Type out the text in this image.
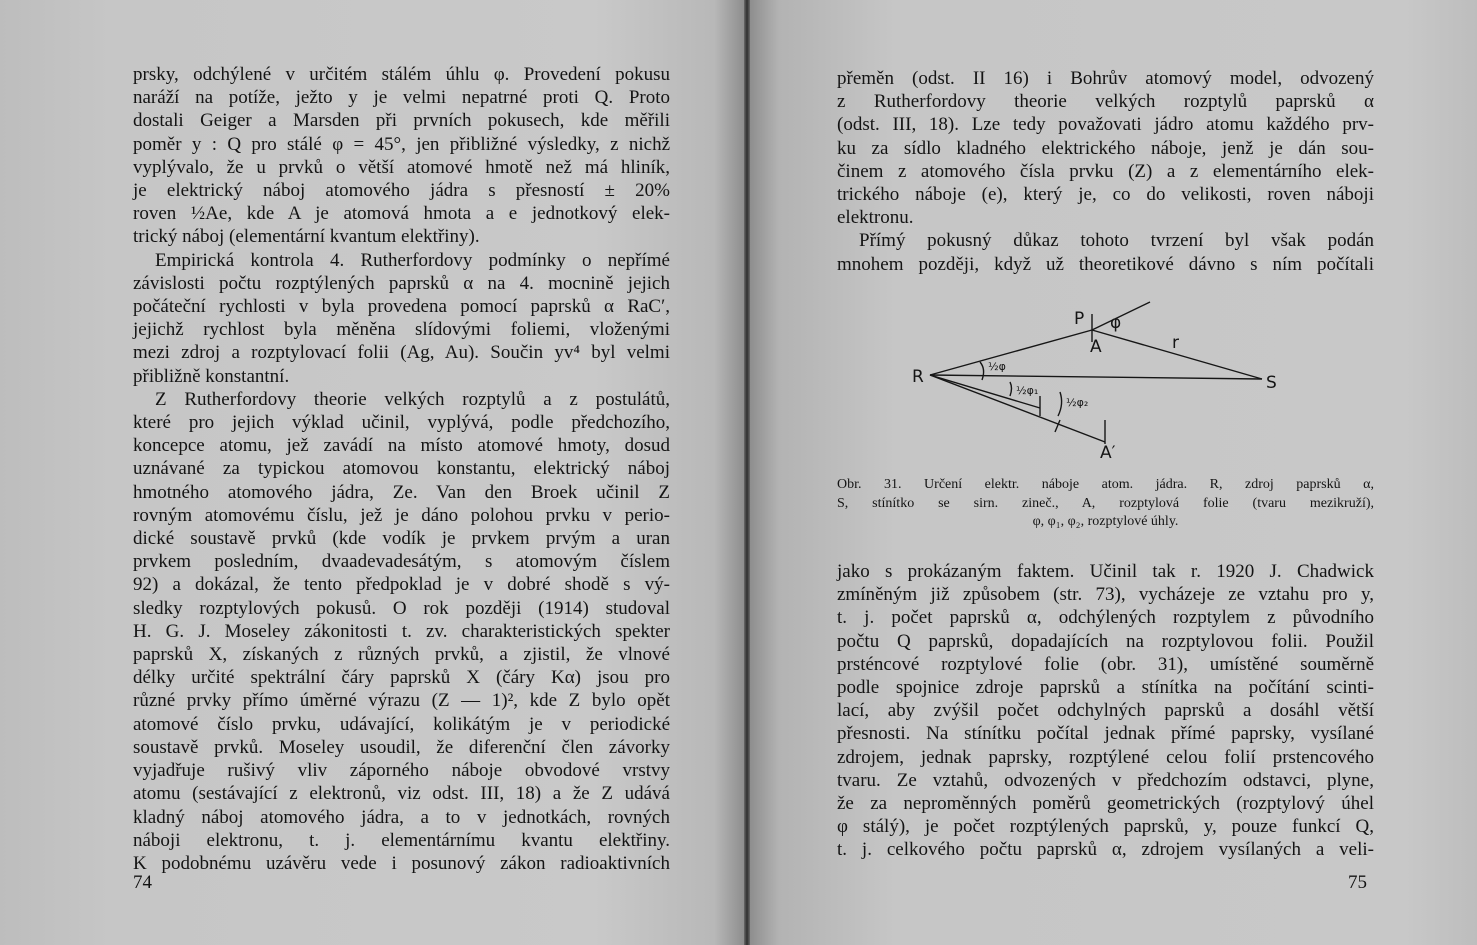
prsky, odchýlené v určitém stálém úhlu φ. Provedení pokusu

naráží na potíže, ježto y je velmi nepatrné proti Q. Proto

dostali Geiger a Marsden při prvních pokusech, kde měřili

poměr y : Q pro stálé φ = 45°, jen přibližné výsledky, z nichž

vyplývalo, že u prvků o větší atomové hmotě než má hliník,

je elektrický náboj atomového jádra s přesností ± 20%

roven ½Ae, kde A je atomová hmota a e jednotkový elek-

trický náboj (elementární kvantum elektřiny).

Empirická kontrola 4. Rutherfordovy podmínky o nepřímé

závislosti počtu rozptýlených paprsků α na 4. mocnině jejich

počáteční rychlosti v byla provedena pomocí paprsků α RaC′,

jejichž rychlost byla měněna slídovými foliemi, vloženými

mezi zdroj a rozptylovací folii (Ag, Au). Součin yv⁴ byl velmi

přibližně konstantní.

Z Rutherfordovy theorie velkých rozptylů a z postulátů,

které pro jejich výklad učinil, vyplývá, podle předchozího,

koncepce atomu, jež zavádí na místo atomové hmoty, dosud

uznávané za typickou atomovou konstantu, elektrický náboj

hmotného atomového jádra, Ze. Van den Broek učinil Z

rovným atomovému číslu, jež je dáno polohou prvku v perio-

dické soustavě prvků (kde vodík je prvkem prvým a uran

prvkem posledním, dvaadevadesátým, s atomovým číslem

92) a dokázal, že tento předpoklad je v dobré shodě s vý-

sledky rozptylových pokusů. O rok později (1914) studoval

H. G. J. Moseley zákonitosti t. zv. charakteristických spekter

paprsků X, získaných z různých prvků, a zjistil, že vlnové

délky určité spektrální čáry paprsků X (čáry Kα) jsou pro

různé prvky přímo úměrné výrazu (Z — 1)², kde Z bylo opět

atomové číslo prvku, udávající, kolikátým je v periodické

soustavě prvků. Moseley usoudil, že diferenční člen závorky

vyjadřuje rušivý vliv záporného náboje obvodové vrstvy

atomu (sestávající z elektronů, viz odst. III, 18) a že Z udává

kladný náboj atomového jádra, a to v jednotkách, rovných

náboji elektronu, t. j. elementárnímu kvantu elektřiny.

K podobnému uzávěru vede i posunový zákon radioaktivních

74

přeměn (odst. II 16) i Bohrův atomový model, odvozený

z Rutherfordovy theorie velkých rozptylů paprsků α

(odst. III, 18). Lze tedy považovati jádro atomu každého prv-

ku za sídlo kladného elektrického náboje, jenž je dán sou-

činem z atomového čísla prvku (Z) a z elementárního elek-

trického náboje (e), který je, co do velikosti, roven náboji

elektronu.

Přímý pokusný důkaz tohoto tvrzení byl však podán

mnohem později, když už theoretikové dávno s ním počítali

R	S
P
A
A′
r
φ
½φ
½φ₁
½φ₂

Obr. 31. Určení elektr. náboje atom. jádra. R, zdroj paprsků α,

S, stínítko se sirn. zineč., A, rozptylová folie (tvaru mezikruží),

φ, φ₁, φ₂, rozptylové úhly.

jako s prokázaným faktem. Učinil tak r. 1920 J. Chadwick

zmíněným již způsobem (str. 73), vycházeje ze vztahu pro y,

t. j. počet paprsků α, odchýlených rozptylem z původního

počtu Q paprsků, dopadajících na rozptylovou folii. Použil

prsténcové rozptylové folie (obr. 31), umístěné souměrně

podle spojnice zdroje paprsků a stínítka na počítání scinti-

lací, aby zvýšil počet odchylných paprsků a dosáhl větší

přesnosti. Na stínítku počítal jednak přímé paprsky, vysílané

zdrojem, jednak paprsky, rozptýlené celou folií prstencového

tvaru. Ze vztahů, odvozených v předchozím odstavci, plyne,

že za neproměnných poměrů geometrických (rozptylový úhel

φ stálý), je počet rozptýlených paprsků, y, pouze funkcí Q,

t. j. celkového počtu paprsků α, zdrojem vysílaných a veli-

75
